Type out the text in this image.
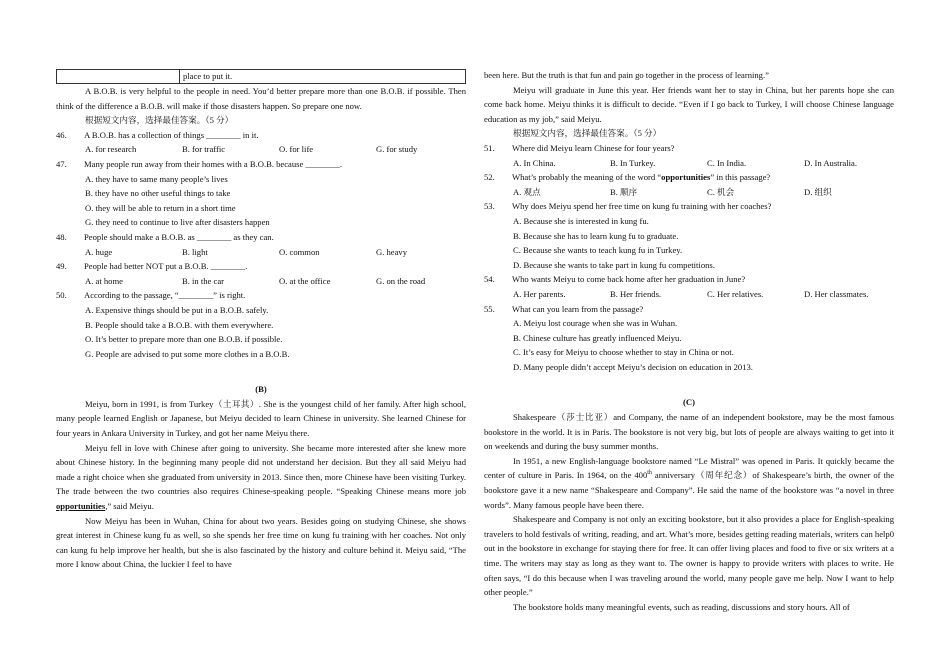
place to put it.

A B.O.B. is very helpful to the people in need. You’d better prepare more than one B.O.B. if possible. Then think of the difference a B.O.B. will make if those disasters happen. So prepare one now.

根据短文内容，选择最佳答案。（5 分）
46.	A B.O.B. has a collection of things ________ in it.
A. for research	B. for traffic	O. for life	G. for study
47.	Many people run away from their homes with a B.O.B. because ________.
A. they have to same many people’s lives
B. they have no other useful things to take
O. they will be able to return in a short time
G. they need to continue to live after disasters happen
48.	People should make a B.O.B. as ________ as they can.
A. huge	B. light	O. common	G. heavy
49.	People had better NOT put a B.O.B. ________.
A. at home	B. in the car	O. at the office	G. on the road
50.	According to the passage, “________” is right.
A. Expensive things should be put in a B.O.B. safely.
B. People should take a B.O.B. with them everywhere.
O. It’s better to prepare more than one B.O.B. if possible.
G. People are advised to put some more clothes in a B.O.B.
(B)

Meiyu, born in 1991, is from Turkey（土耳其）. She is the youngest child of her family. After high school, many people learned English or Japanese, but Meiyu decided to learn Chinese in university. She learned Chinese for four years in Ankara University in Turkey, and got her name Meiyu there.

Meiyu fell in love with Chinese after going to university. She became more interested after she knew more about Chinese history. In the beginning many people did not understand her decision. But they all said Meiyu had made a right choice when she graduated from university in 2013. Since then, more Chinese have been visiting Turkey. The trade between the two countries also requires Chinese-speaking people. “Speaking Chinese means more job opportunities,” said Meiyu.

Now Meiyu has been in Wuhan, China for about two years. Besides going on studying Chinese, she shows great interest in Chinese kung fu as well, so she spends her free time on kung fu training with her coaches. Not only can kung fu help improve her health, but she is also fascinated by the history and culture behind it. Meiyu said, “The more I know about China, the luckier I feel to have

been here. But the truth is that fun and pain go together in the process of learning.”

Meiyu will graduate in June this year. Her friends want her to stay in China, but her parents hope she can come back home. Meiyu thinks it is difficult to decide. “Even if I go back to Turkey, I will choose Chinese language education as my job,” said Meiyu.

根据短文内容，选择最佳答案。（5 分）
51.	Where did Meiyu learn Chinese for four years?
A. In China.	B. In Turkey.	C. In India.	D. In Australia.
52.	What’s probably the meaning of the word “opportunities” in this passage?
A. 观点	B. 顺序	C. 机会	D. 组织
53.	Why does Meiyu spend her free time on kung fu training with her coaches?
A. Because she is interested in kung fu.
B. Because she has to learn kung fu to graduate.
C. Because she wants to teach kung fu in Turkey.
D. Because she wants to take part in kung fu competitions.
54.	Who wants Meiyu to come back home after her graduation in June?
A. Her parents.	B. Her friends.	C. Her relatives.	D. Her classmates.
55.	What can you learn from the passage?
A. Meiyu lost courage when she was in Wuhan.
B. Chinese culture has greatly influenced Meiyu.
C. It’s easy for Meiyu to choose whether to stay in China or not.
D. Many people didn’t accept Meiyu’s decision on education in 2013.
(C)

Shakespeare（莎士比亚）and Company, the name of an independent bookstore, may be the most famous bookstore in the world. It is in Paris. The bookstore is not very big, but lots of people are always waiting to get into it on weekends and during the busy summer months.

In 1951, a new English-language bookstore named “Le Mistral” was opened in Paris. It quickly became the center of culture in Paris. In 1964, on the 400th anniversary（周年纪念）of Shakespeare’s birth, the owner of the bookstore gave it a new name “Shakespeare and Company”. He said the name of the bookstore was “a novel in three words”. Many famous people have been there.

Shakespeare and Company is not only an exciting bookstore, but it also provides a place for English-speaking travelers to hold festivals of writing, reading, and art. What’s more, besides getting reading materials, writers can help0 out in the bookstore in exchange for staying there for free. It can offer living places and food to five or six writers at a time. The writers may stay as long as they want to. The owner is happy to provide writers with places to write. He often says, “I do this because when I was traveling around the world, many people gave me help. Now I want to help other people.”

The bookstore holds many meaningful events, such as reading, discussions and story hours. All of
